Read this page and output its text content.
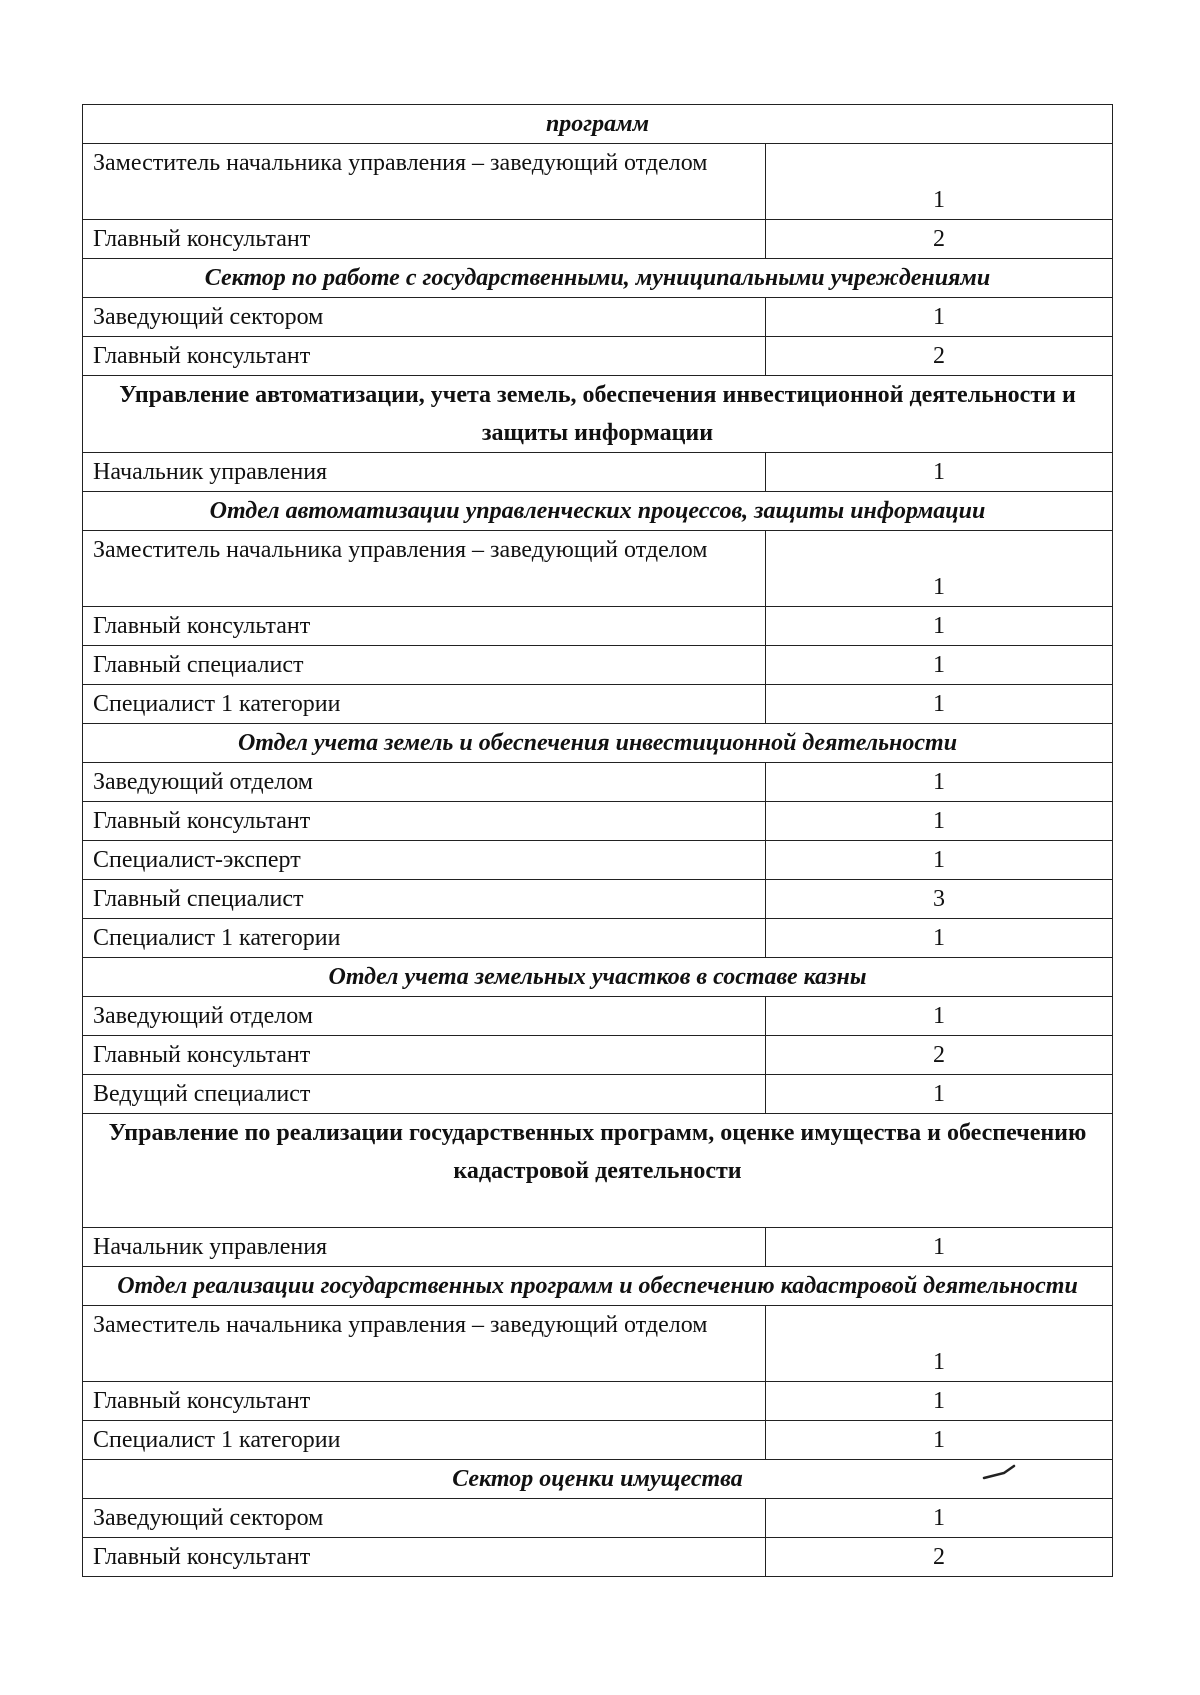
программ	

Заместитель начальника управления – заведующий отделом	1
Главный консультант	2

Сектор по работе с государственными, муниципальными учреждениями	

Заведующий сектором	1
Главный консультант	2

Управление автоматизации, учета земель, обеспечения инвестиционной деятельности и защиты информации	

Начальник управления	1

Отдел автоматизации управленческих процессов, защиты информации	

Заместитель начальника управления – заведующий отделом	1
Главный консультант	1
Главный специалист	1
Специалист 1 категории	1

Отдел учета земель и обеспечения инвестиционной деятельности	

Заведующий отделом	1
Главный консультант	1
Специалист-эксперт	1
Главный специалист	3
Специалист 1 категории	1

Отдел учета земельных участков в составе казны	

Заведующий отделом	1
Главный консультант	2
Ведущий специалист	1

Управление по реализации государственных программ, оценке имущества и обеспечению кадастровой деятельности	

Начальник управления	1

Отдел реализации государственных программ и обеспечению кадастровой деятельности	

Заместитель начальника управления – заведующий отделом	1
Главный консультант	1
Специалист 1 категории	1

Сектор оценки имущества	

Заведующий сектором	1
Главный консультант	2
